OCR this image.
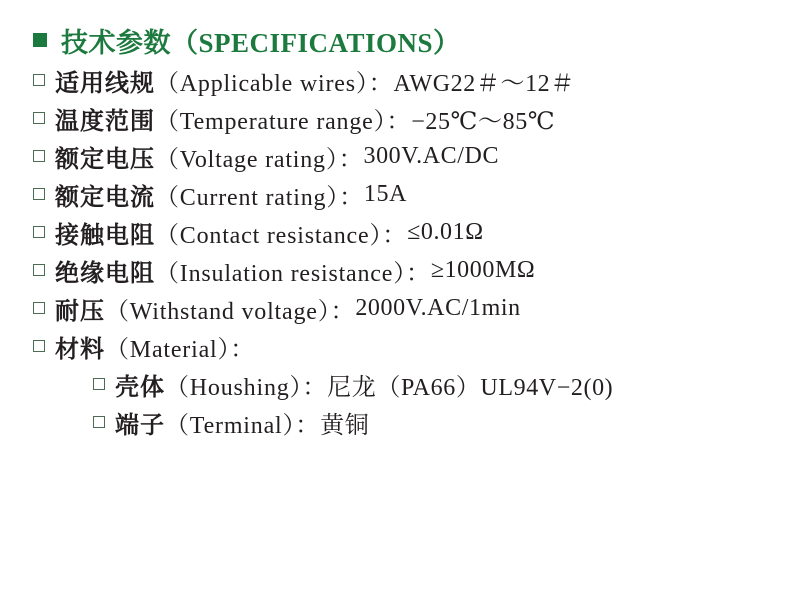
技术参数（SPECIFICATIONS）
适用线规 （Applicable wires）： AWG22＃～12＃
温度范围 （Temperature range）： −25℃～85℃
额定电压 （Voltage rating）： 300V.AC/DC
额定电流 （Current rating）： 15A
接触电阻 （Contact resistance）： ≤0.01Ω
绝缘电阻 （Insulation resistance）： ≥1000MΩ
耐压 （Withstand voltage）： 2000V.AC/1min
材料 （Material）：
壳体 （Houshing）： 尼龙（PA66）UL94V−2(0)
端子 （Terminal）： 黄铜
